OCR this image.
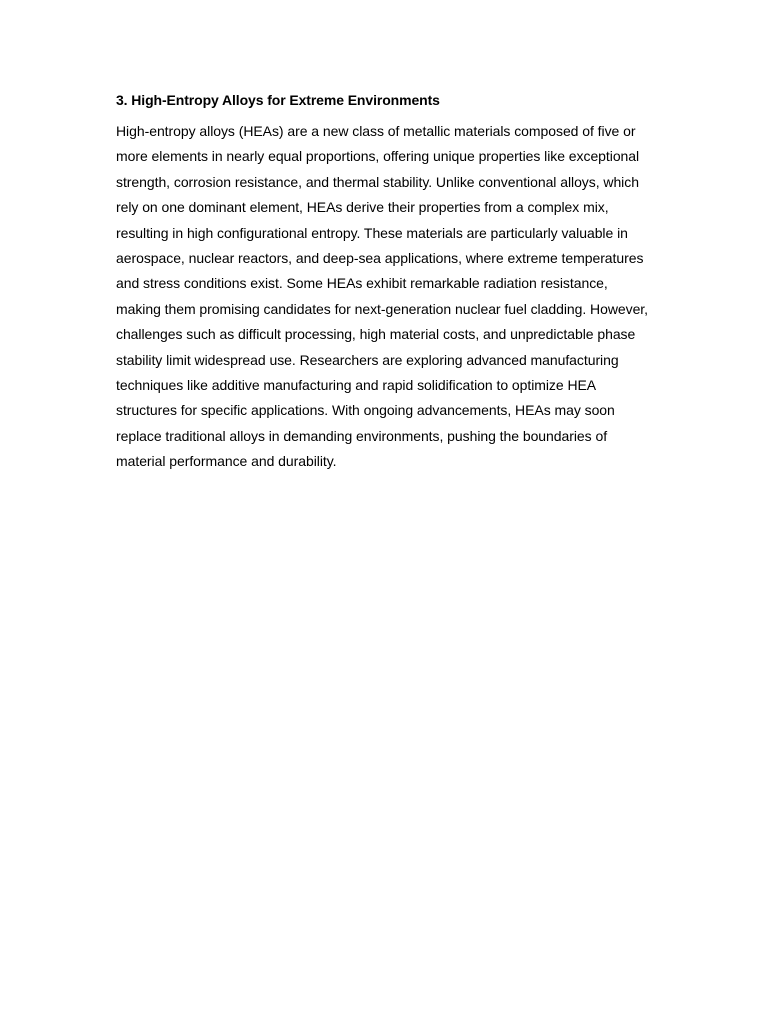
3. High-Entropy Alloys for Extreme Environments

High-entropy alloys (HEAs) are a new class of metallic materials composed of five or more elements in nearly equal proportions, offering unique properties like exceptional strength, corrosion resistance, and thermal stability. Unlike conventional alloys, which rely on one dominant element, HEAs derive their properties from a complex mix, resulting in high configurational entropy. These materials are particularly valuable in aerospace, nuclear reactors, and deep-sea applications, where extreme temperatures and stress conditions exist. Some HEAs exhibit remarkable radiation resistance, making them promising candidates for next-generation nuclear fuel cladding. However, challenges such as difficult processing, high material costs, and unpredictable phase stability limit widespread use. Researchers are exploring advanced manufacturing techniques like additive manufacturing and rapid solidification to optimize HEA structures for specific applications. With ongoing advancements, HEAs may soon replace traditional alloys in demanding environments, pushing the boundaries of material performance and durability.
